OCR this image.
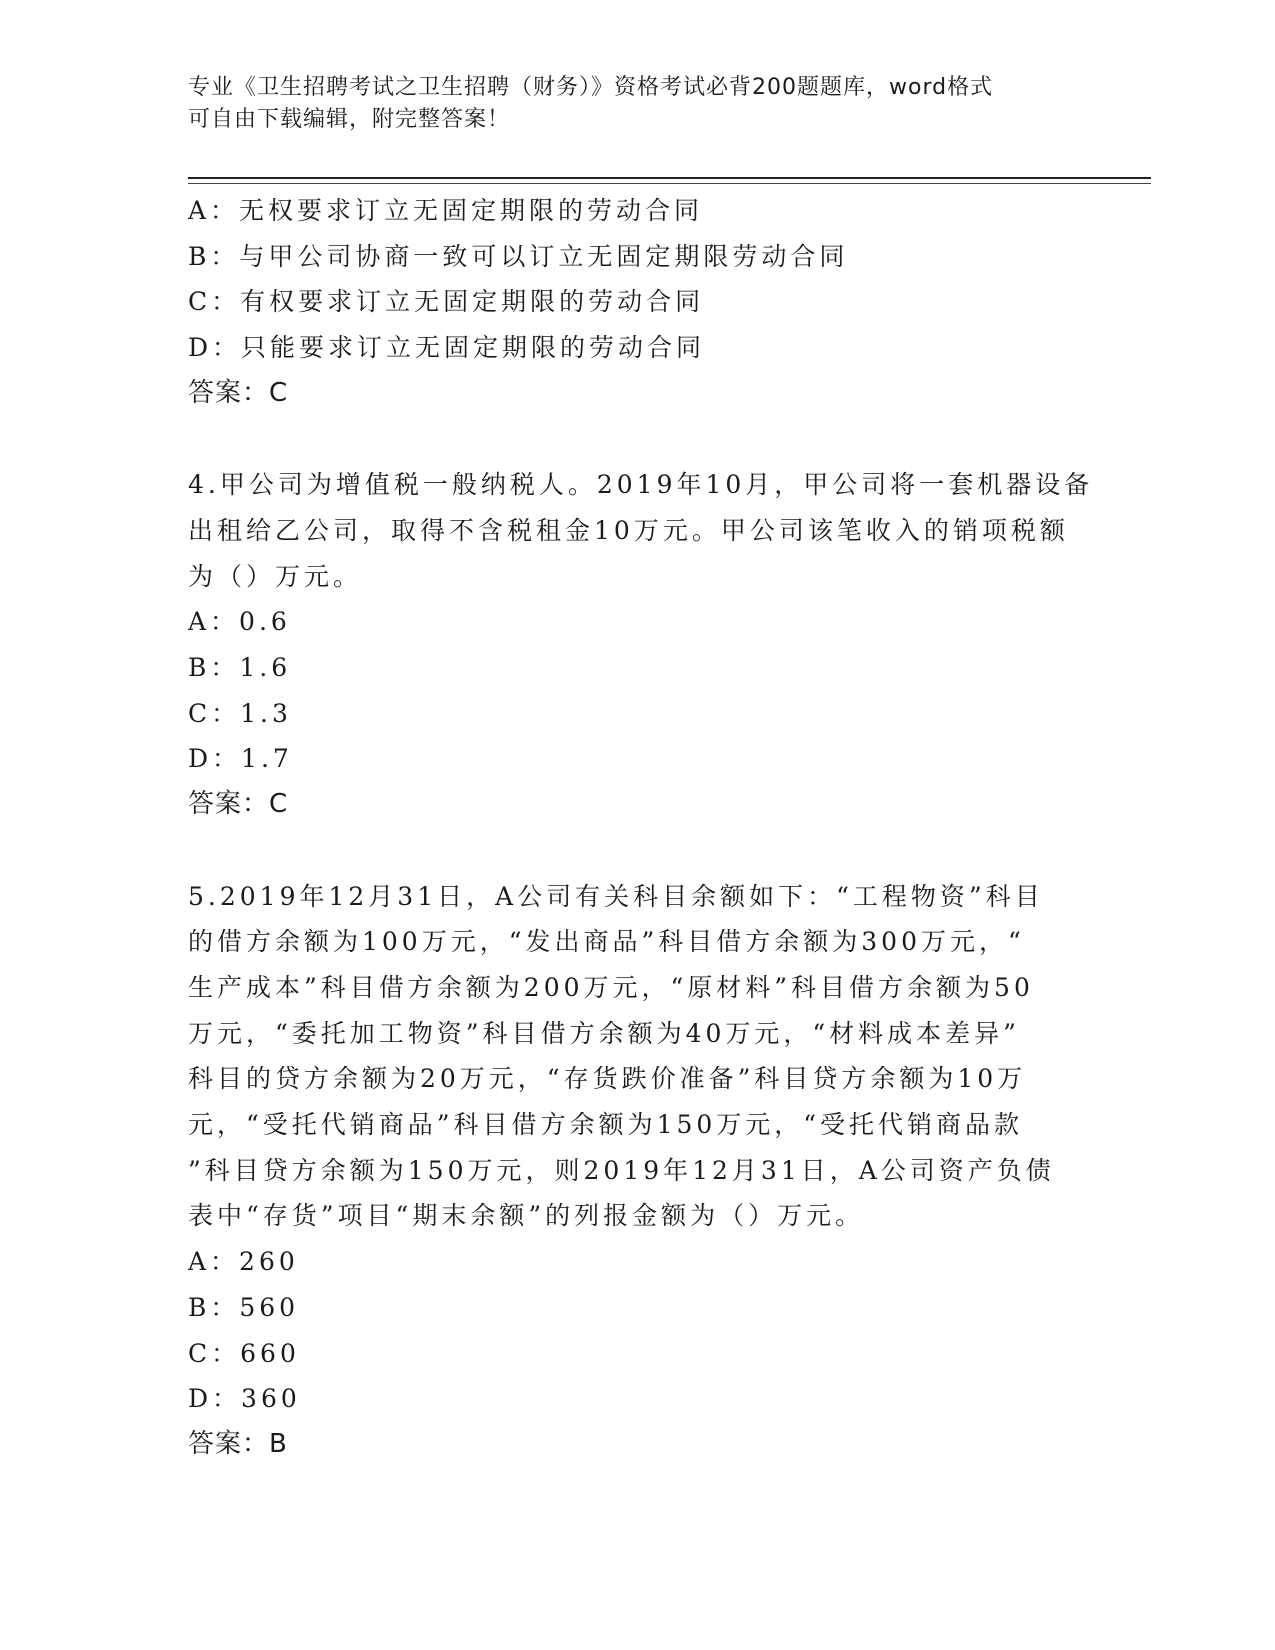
专业《卫生招聘考试之卫生招聘（财务）》资格考试必背200题题库，word格式
可自由下载编辑，附完整答案！
A：无权要求订立无固定期限的劳动合同
B：与甲公司协商一致可以订立无固定期限劳动合同
C：有权要求订立无固定期限的劳动合同
D：只能要求订立无固定期限的劳动合同
答案：C
4.甲公司为增值税一般纳税人。2019年10月，甲公司将一套机器设备
出租给乙公司，取得不含税租金10万元。甲公司该笔收入的销项税额
为（）万元。
A：0.6
B：1.6
C：1.3
D：1.7
答案：C
5.2019年12月31日，A公司有关科目余额如下：“工程物资”科目
的借方余额为100万元，“发出商品”科目借方余额为300万元，“
生产成本”科目借方余额为200万元，“原材料”科目借方余额为50
万元，“委托加工物资”科目借方余额为40万元，“材料成本差异”
科目的贷方余额为20万元，“存货跌价准备”科目贷方余额为10万
元，“受托代销商品”科目借方余额为150万元，“受托代销商品款
”科目贷方余额为150万元，则2019年12月31日，A公司资产负债
表中“存货”项目“期末余额”的列报金额为（）万元。
A：260
B：560
C：660
D：360
答案：B
